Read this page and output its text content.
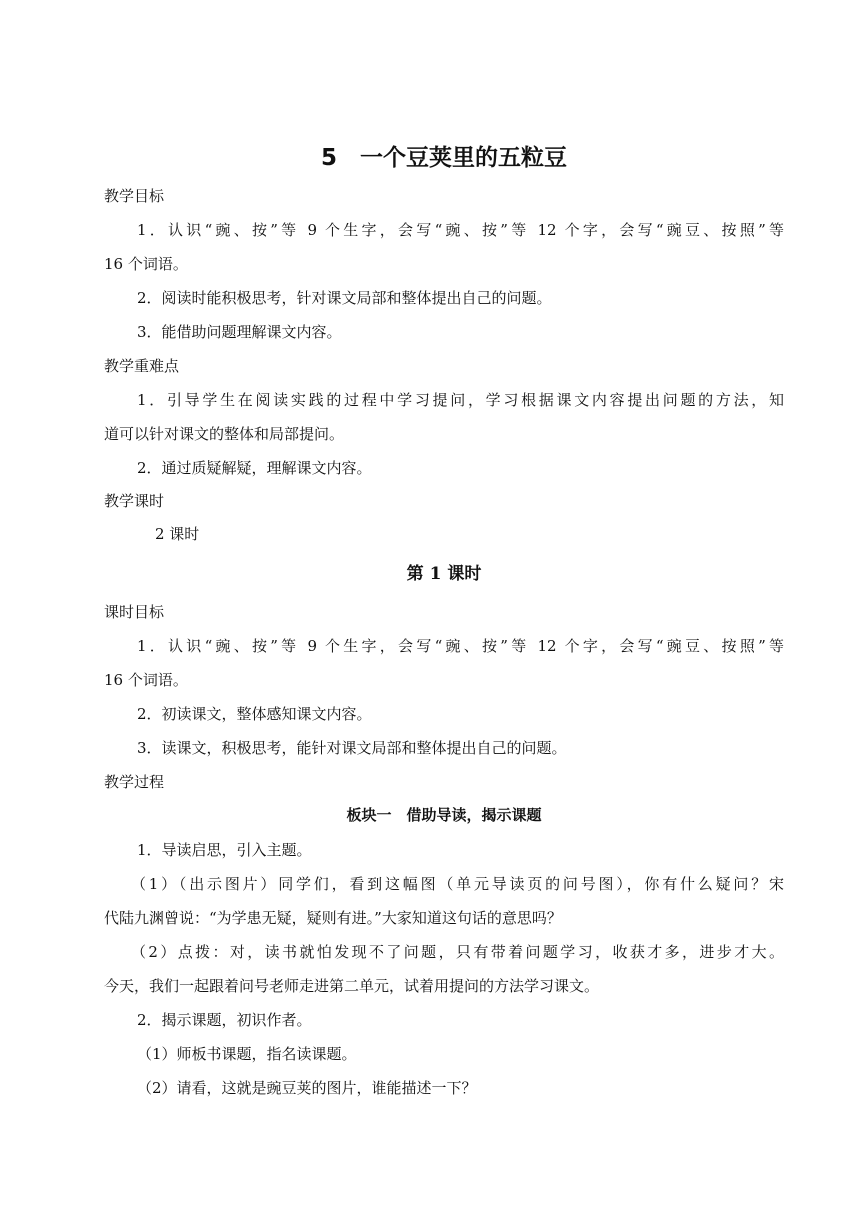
5　一个豆荚里的五粒豆
教学目标
1．认识“豌、按”等 9 个生字，会写“豌、按”等 12 个字，会写“豌豆、按照”等
16 个词语。
2．阅读时能积极思考，针对课文局部和整体提出自己的问题。
3．能借助问题理解课文内容。
教学重难点
1．引导学生在阅读实践的过程中学习提问，学习根据课文内容提出问题的方法，知
道可以针对课文的整体和局部提问。
2．通过质疑解疑，理解课文内容。
教学课时
2 课时
第 1 课时
课时目标
1．认识“豌、按”等 9 个生字，会写“豌、按”等 12 个字，会写“豌豆、按照”等
16 个词语。
2．初读课文，整体感知课文内容。
3．读课文，积极思考，能针对课文局部和整体提出自己的问题。
教学过程
板块一　借助导读，揭示课题
1．导读启思，引入主题。
（1）（出示图片）同学们，看到这幅图（单元导读页的问号图），你有什么疑问？宋
代陆九渊曾说：“为学患无疑，疑则有进。”大家知道这句话的意思吗？
（2）点拨：对，读书就怕发现不了问题，只有带着问题学习，收获才多，进步才大。
今天，我们一起跟着问号老师走进第二单元，试着用提问的方法学习课文。
2．揭示课题，初识作者。
（1）师板书课题，指名读课题。
（2）请看，这就是豌豆荚的图片，谁能描述一下？
